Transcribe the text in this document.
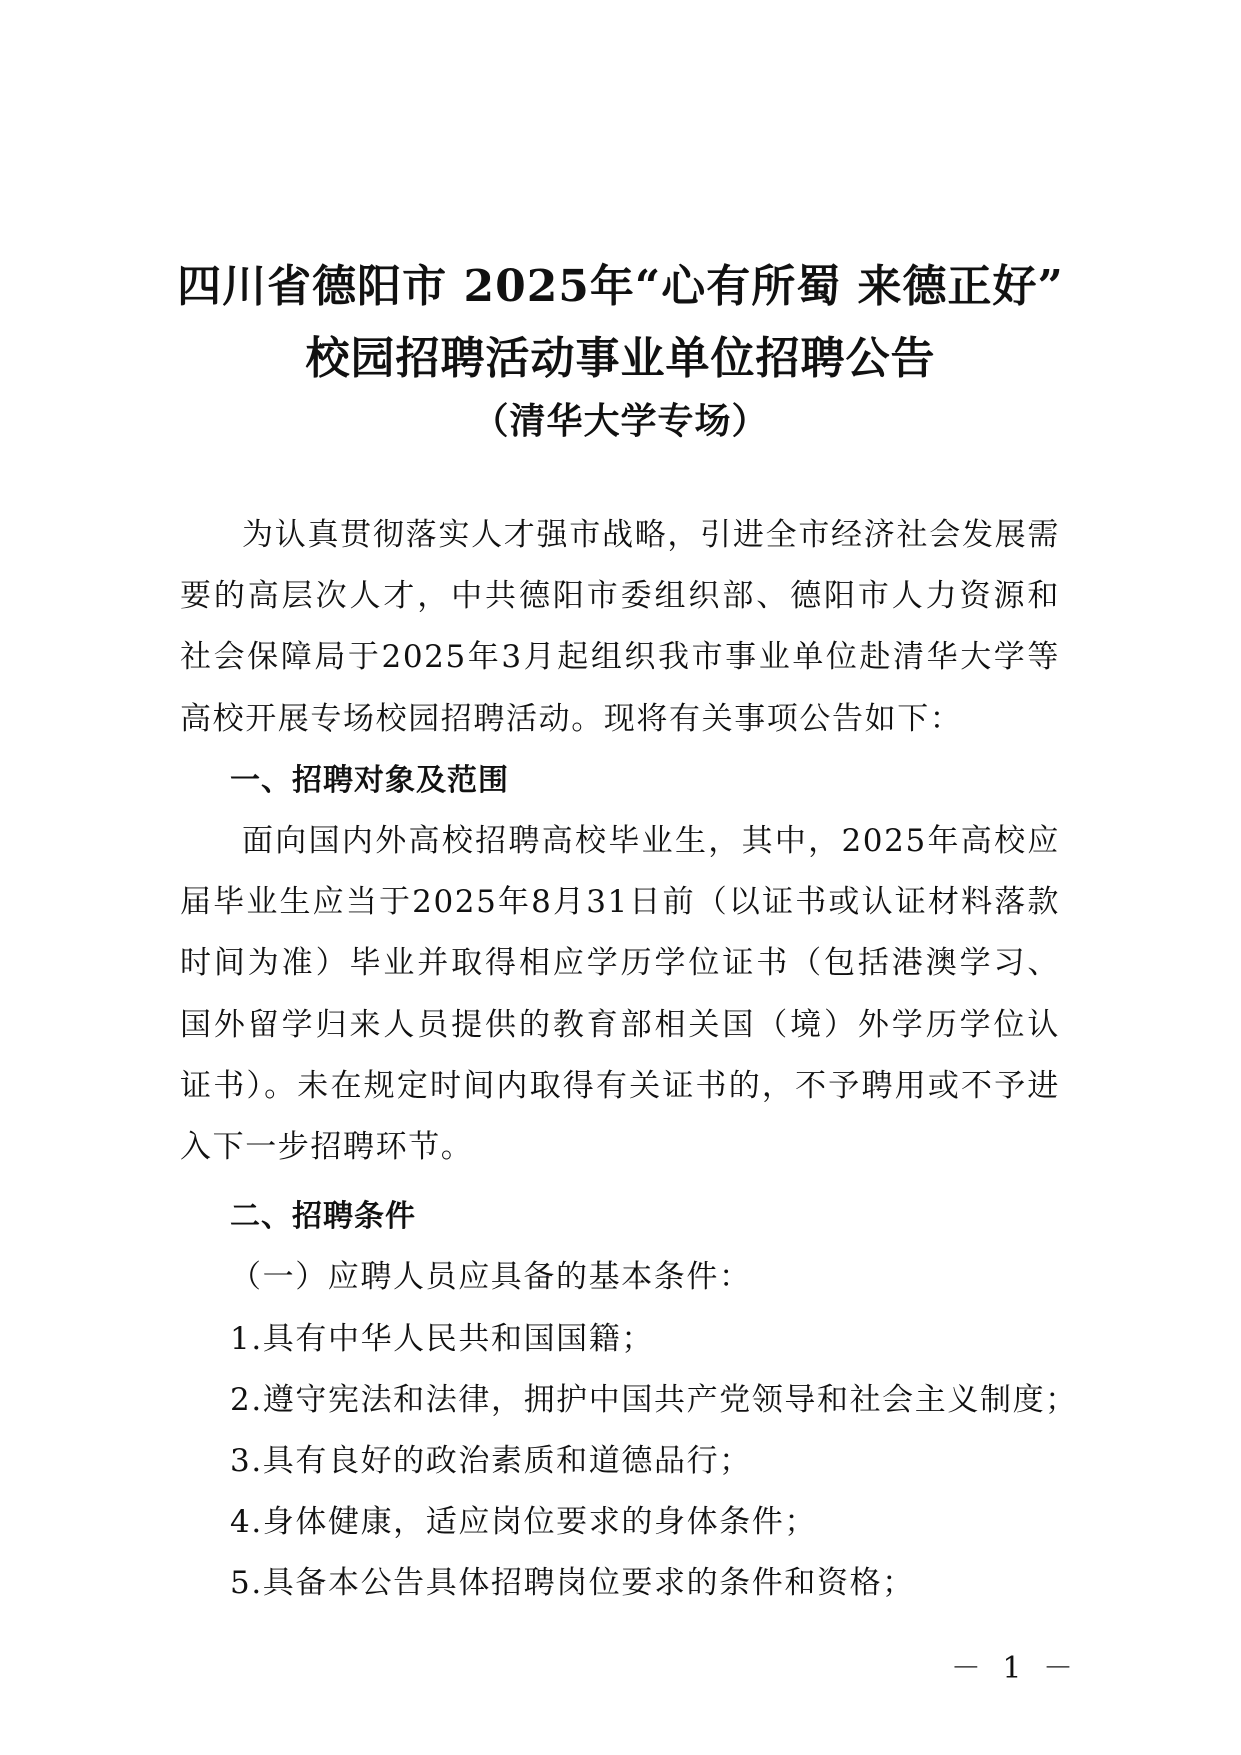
四川省德阳市 2025年“心有所蜀 来德正好”
校园招聘活动事业单位招聘公告
（清华大学专场）

为认真贯彻落实人才强市战略，引进全市经济社会发展需要的高层次人才，中共德阳市委组织部、德阳市人力资源和社会保障局于2025年3月起组织我市事业单位赴清华大学等高校开展专场校园招聘活动。现将有关事项公告如下：

一、招聘对象及范围

面向国内外高校招聘高校毕业生，其中，2025年高校应届毕业生应当于2025年8月31日前（以证书或认证材料落款时间为准）毕业并取得相应学历学位证书（包括港澳学习、国外留学归来人员提供的教育部相关国（境）外学历学位认证书）。未在规定时间内取得有关证书的，不予聘用或不予进入下一步招聘环节。

二、招聘条件

（一）应聘人员应具备的基本条件：

1.具有中华人民共和国国籍；

2.遵守宪法和法律，拥护中国共产党领导和社会主义制度；

3.具有良好的政治素质和道德品行；

4.身体健康，适应岗位要求的身体条件；

5.具备本公告具体招聘岗位要求的条件和资格；

－ 1 －
